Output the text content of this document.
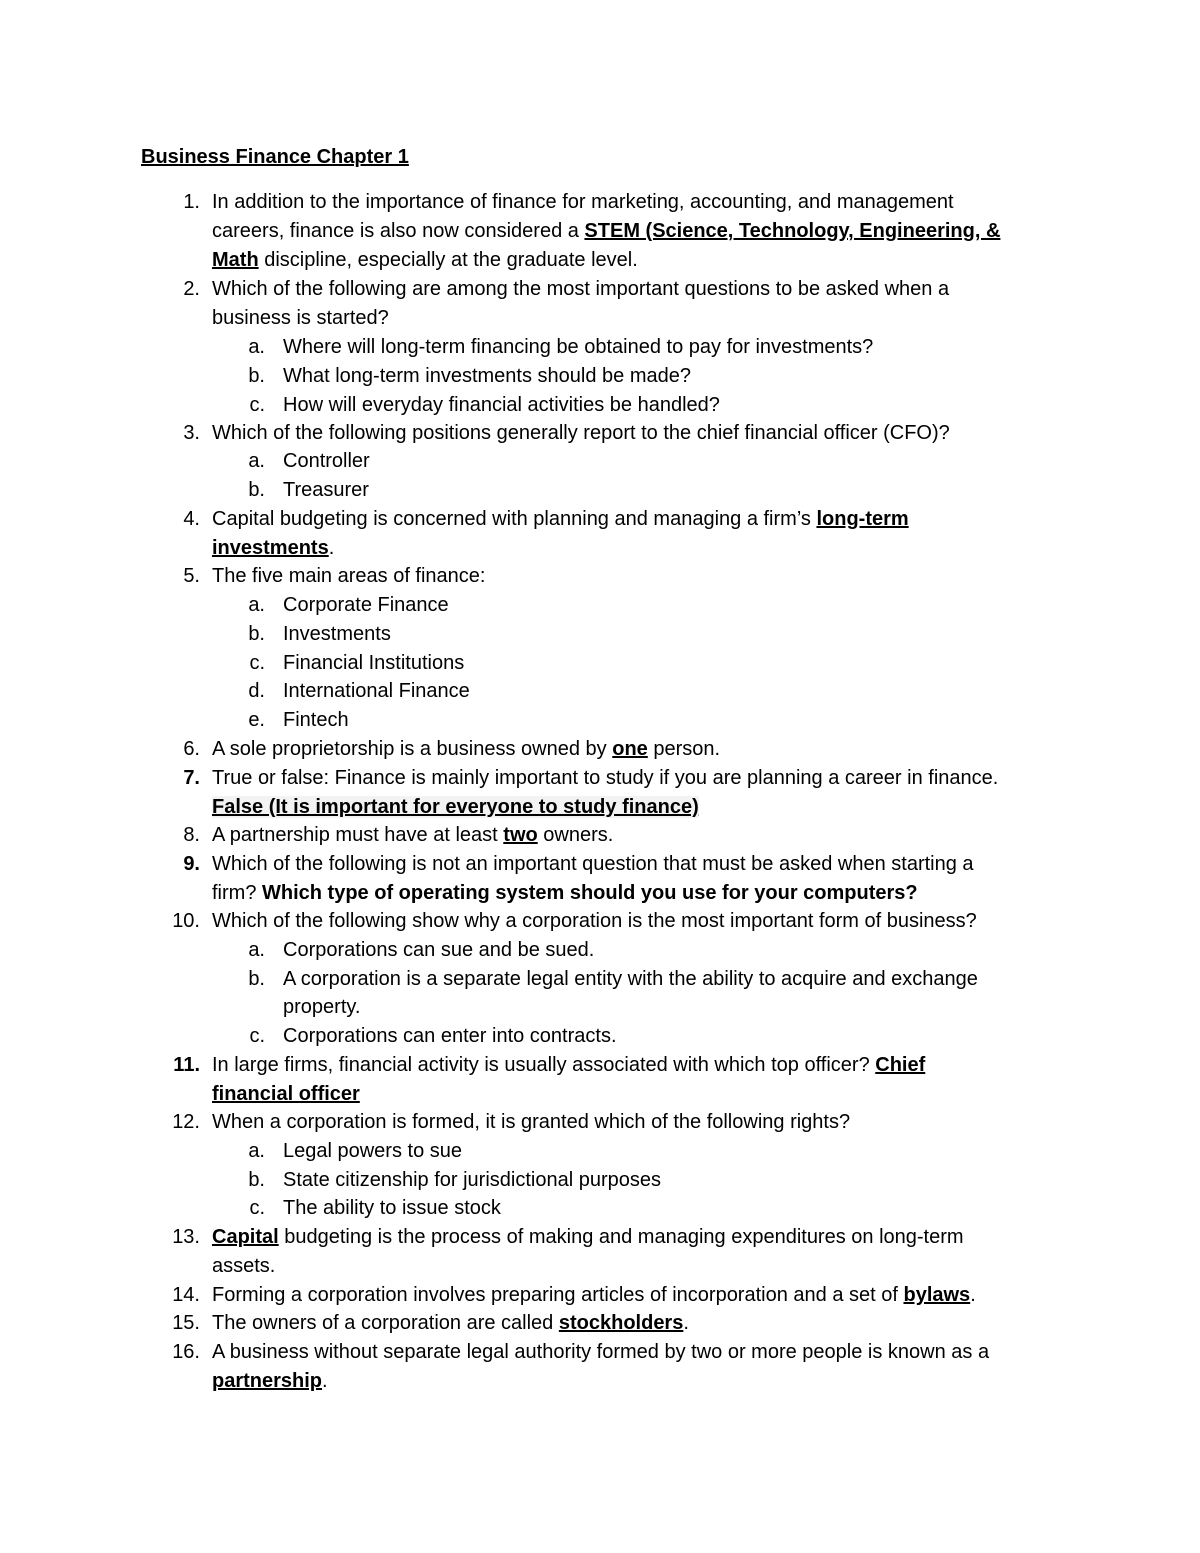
Business Finance Chapter 1
1. In addition to the importance of finance for marketing, accounting, and management
careers, finance is also now considered a STEM (Science, Technology, Engineering, &
Math discipline, especially at the graduate level.
2. Which of the following are among the most important questions to be asked when a
business is started?
a. Where will long-term financing be obtained to pay for investments?
b. What long-term investments should be made?
c. How will everyday financial activities be handled?
3. Which of the following positions generally report to the chief financial officer (CFO)?
a. Controller
b. Treasurer
4. Capital budgeting is concerned with planning and managing a firm’s long-term
investments.
5. The five main areas of finance:
a. Corporate Finance
b. Investments
c. Financial Institutions
d. International Finance
e. Fintech
6. A sole proprietorship is a business owned by one person.
7. True or false: Finance is mainly important to study if you are planning a career in finance.
False (It is important for everyone to study finance)
8. A partnership must have at least two owners.
9. Which of the following is not an important question that must be asked when starting a
firm? Which type of operating system should you use for your computers?
10. Which of the following show why a corporation is the most important form of business?
a. Corporations can sue and be sued.
b. A corporation is a separate legal entity with the ability to acquire and exchange
property.
c. Corporations can enter into contracts.
11. In large firms, financial activity is usually associated with which top officer? Chief
financial officer
12. When a corporation is formed, it is granted which of the following rights?
a. Legal powers to sue
b. State citizenship for jurisdictional purposes
c. The ability to issue stock
13. Capital budgeting is the process of making and managing expenditures on long-term
assets.
14. Forming a corporation involves preparing articles of incorporation and a set of bylaws.
15. The owners of a corporation are called stockholders.
16. A business without separate legal authority formed by two or more people is known as a
partnership.
